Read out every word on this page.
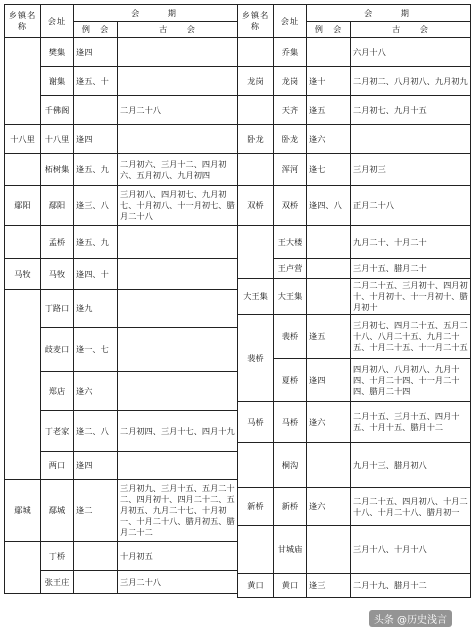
乡镇名称	会址	会　　期	
		例　会	古　　会
	樊集	逢四	
	谢集	逢五、十	
	千佛阁		二月二十八
十八里	十八里	逢四	
	柘树集	逢五、九	二月初六、三月十二、四月初六、五月初八、九月初四
鄢阳	鄢阳	逢三、八	三月初八、四月初七、九月初七、十月初八、十一月初七、腊月二十八
	孟桥	逢五、九	
马牧	马牧	逢四、十	
	丁路口	逢九	
	歧麦口	逢一、七	
	郑店	逢六	
	丁老家	逢二、八	二月初四、三月十七、四月十九
	两口	逢四	
鄢城	鄢城	逢二	三月初九、三月十五、五月二十二、四月初十、四月二十二、五月初五、九月二十七、十月初一、十月二十八、腊月初五、腊月二十二
	丁桥		十月初五
	张王庄		三月二十八
乡镇名称	会址	会　　期	
		例　会	古　　会
	乔集		六月十八
龙岗	龙岗	逢十	二月初二、八月初八、九月初九
	天齐	逢五	二月初七、九月十五
卧龙	卧龙	逢六	
	浑河	逢七	三月初三
双桥	双桥	逢四、八	正月二十八
	王大楼		九月二十、十月二十
	王卢营		三月十五、腊月二十
大王集	大王集		二月二十五、三月初十、四月初十、十月初十、十一月初十、腊月初十
裴桥	裴桥	逢五	三月初七、四月二十五、五月二十八、八月二十五、九月二十五、十月二十五、十一月二十五
	夏桥	逢四	四月初八、八月初八、九月十四、十月二十四、十一月二十四、腊月二十四
马桥	马桥	逢六	二月十五、三月十五、四月十五、十月十五、腊月十二
	桐沟		九月十三、腊月初八
新桥	新桥	逢六	二月二十五、四月初八、十月二十八、十月二十八、腊月初一
	甘城庙		三月十八、十月十八
黄口	黄口	逢三	二月十九、腊月十二
头条 @历史浅言
